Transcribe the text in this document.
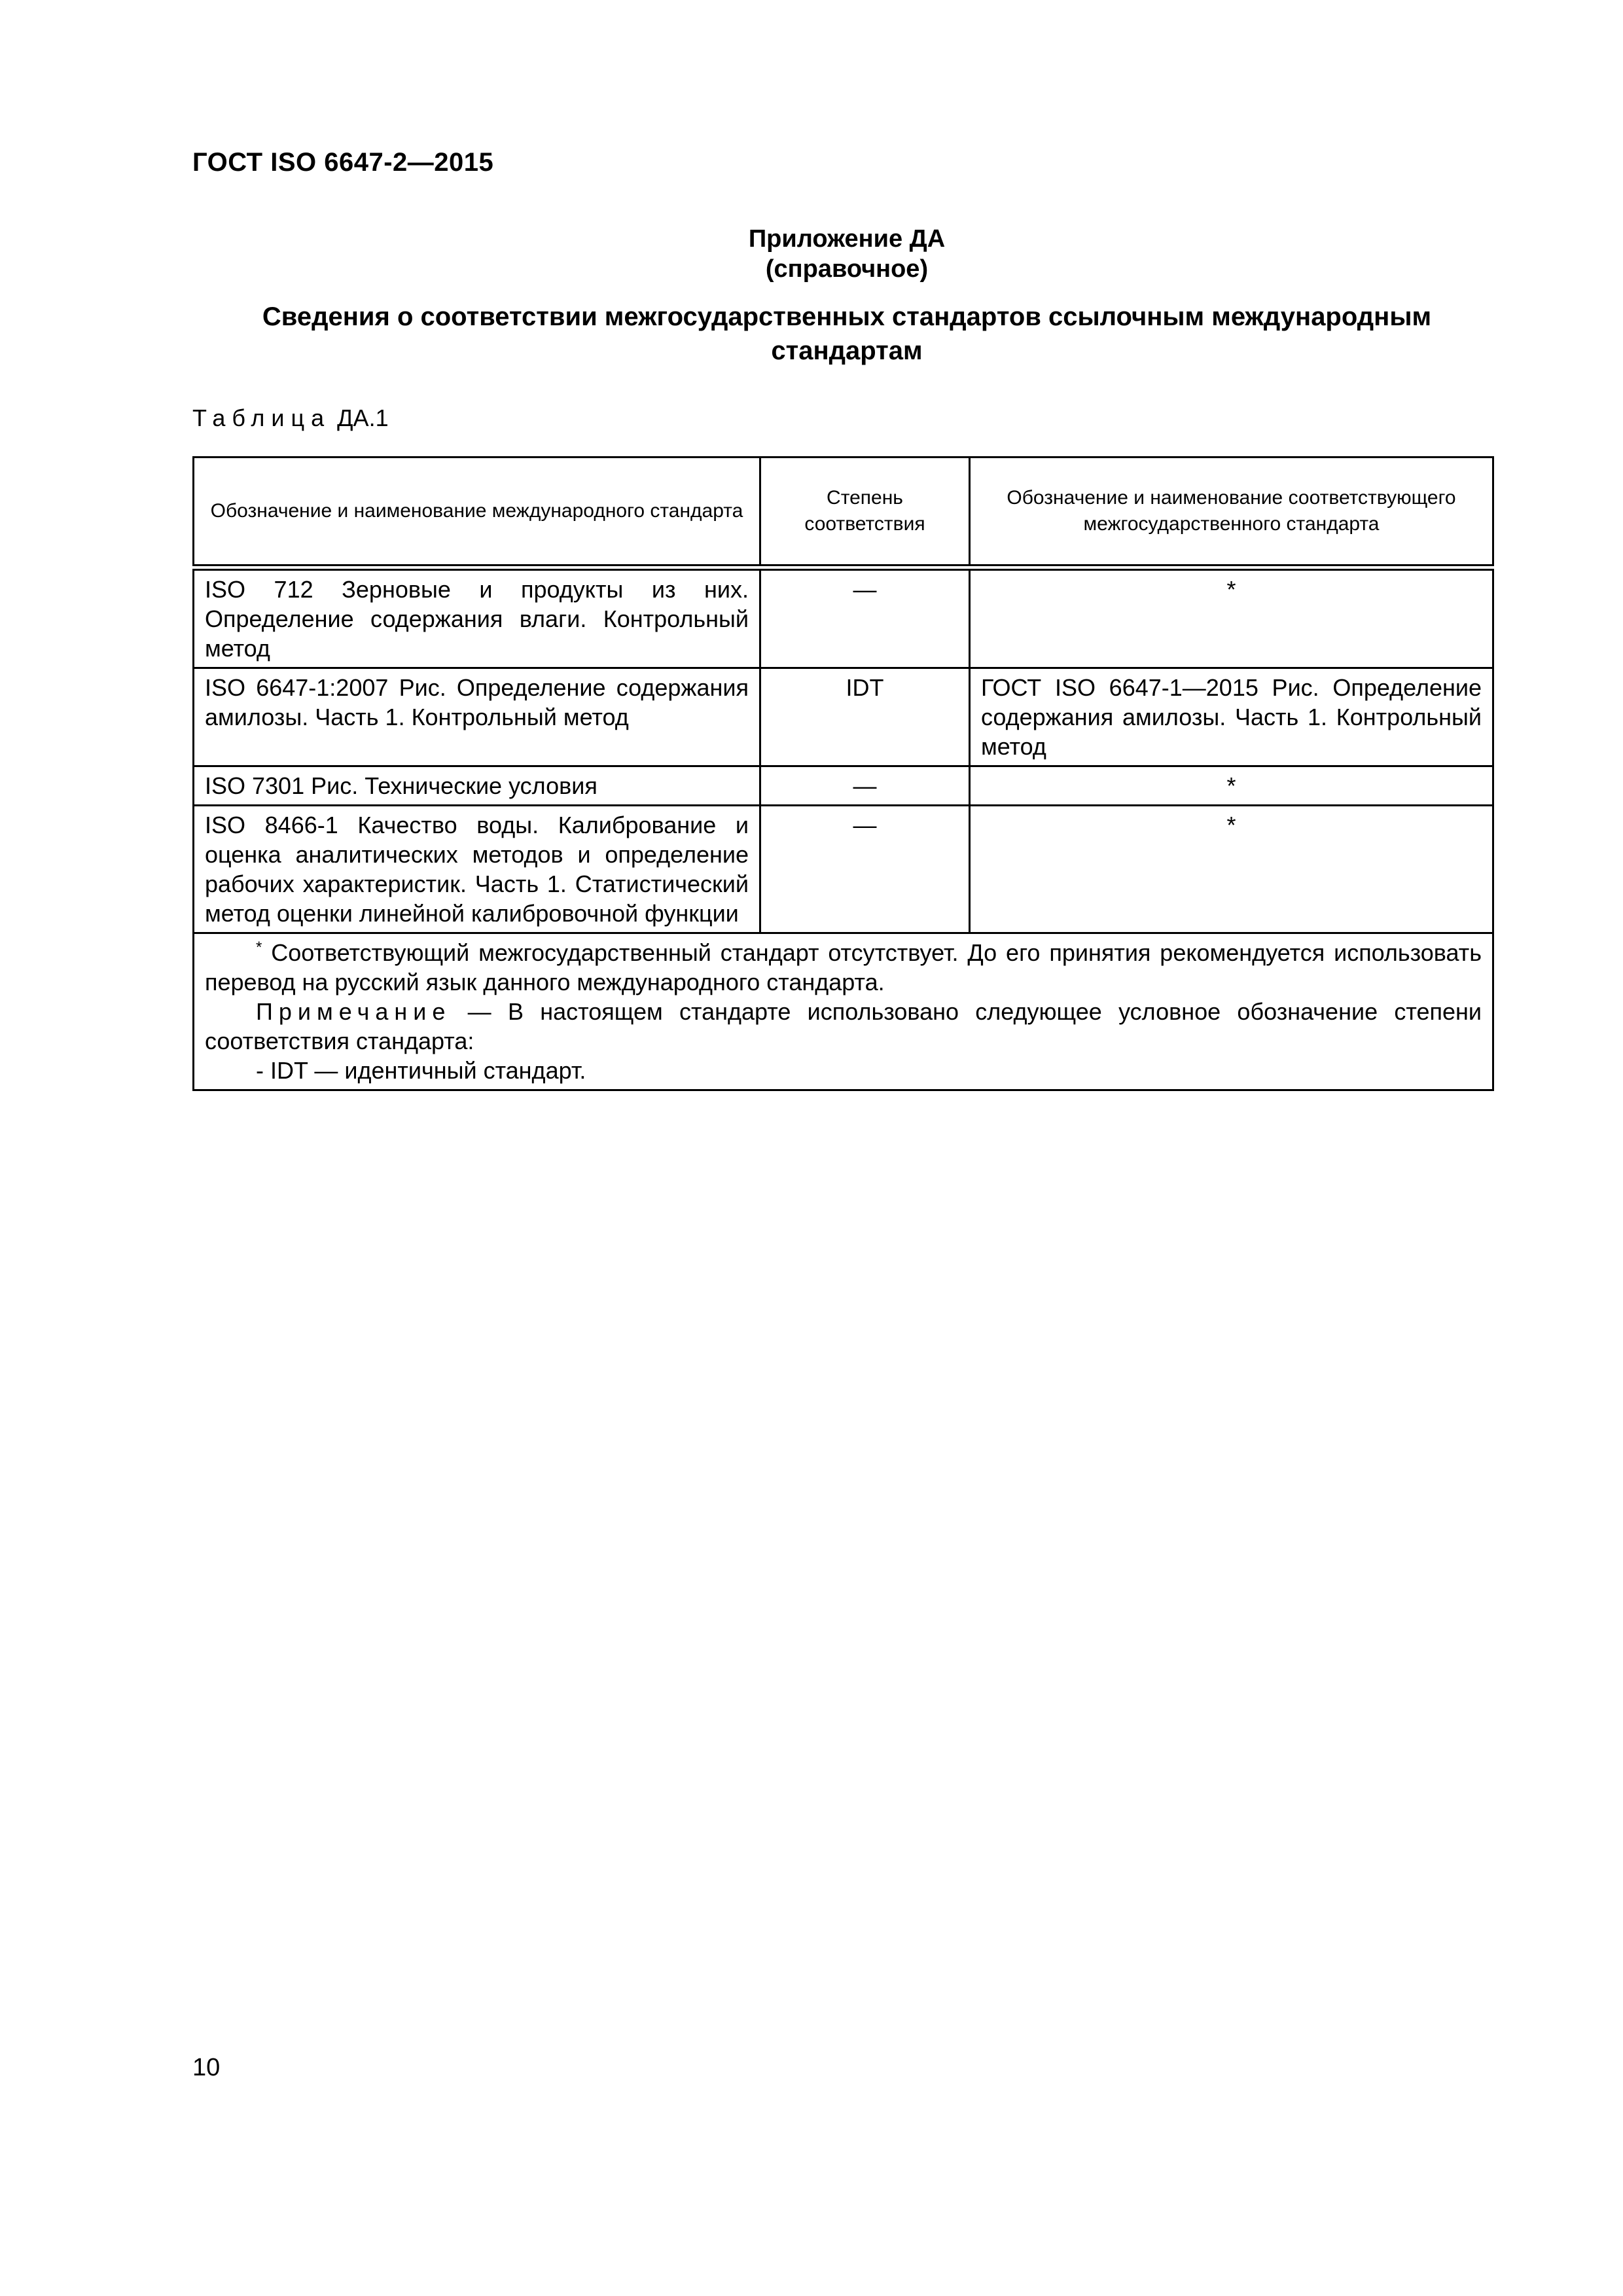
ГОСТ ISO 6647-2—2015
Приложение ДА
(справочное)
Сведения о соответствии межгосударственных стандартов ссылочным международным
стандартам
Таблица ДА.1
Обозначение и наименование международного стандарта	Степень соответствия	Обозначение и наименование соответствующего межгосударственного стандарта
ISO 712 Зерновые и продукты из них. Определение содержания влаги. Контрольный метод	—	*
ISO 6647-1:2007 Рис. Определение содержания амилозы. Часть 1. Контрольный метод	IDT	ГОСТ ISO 6647-1—2015 Рис. Определение содержания амилозы. Часть 1. Контрольный метод
ISO 7301 Рис. Технические условия	—	*
ISO 8466-1 Качество воды. Калибрование и оценка аналитических методов и определение рабочих характеристик. Часть 1. Статистический метод оценки линейной калибровочной функции	—	*

* Соответствующий межгосударственный стандарт отсутствует. До его принятия рекомендуется использовать перевод на русский язык данного международного стандарта.
Примечание — В настоящем стандарте использовано следующее условное обозначение степени соответствия стандарта:
- IDT — идентичный стандарт.		
10
